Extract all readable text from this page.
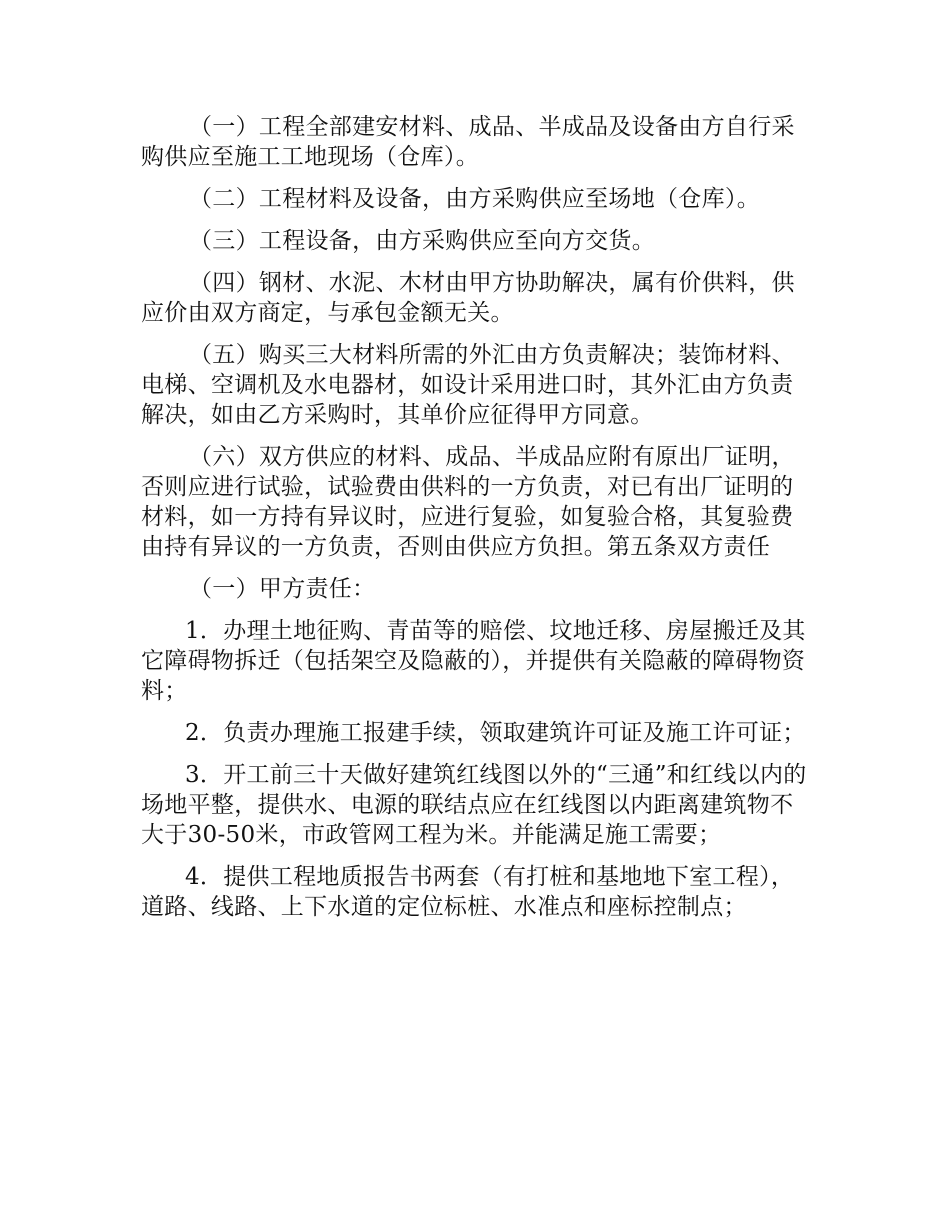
（一）工程全部建安材料、成品、半成品及设备由方自行采购供应至施工工地现场（仓库）。

（二）工程材料及设备，由方采购供应至场地（仓库）。

（三）工程设备，由方采购供应至向方交货。

（四）钢材、水泥、木材由甲方协助解决，属有价供料，供应价由双方商定，与承包金额无关。

（五）购买三大材料所需的外汇由方负责解决；装饰材料、电梯、空调机及水电器材，如设计采用进口时，其外汇由方负责解决，如由乙方采购时，其单价应征得甲方同意。

（六）双方供应的材料、成品、半成品应附有原出厂证明，否则应进行试验，试验费由供料的一方负责，对已有出厂证明的材料，如一方持有异议时，应进行复验，如复验合格，其复验费由持有异议的一方负责，否则由供应方负担。第五条双方责任

（一）甲方责任：

1．办理土地征购、青苗等的赔偿、坟地迁移、房屋搬迁及其它障碍物拆迁（包括架空及隐蔽的），并提供有关隐蔽的障碍物资料；

2．负责办理施工报建手续，领取建筑许可证及施工许可证；

3．开工前三十天做好建筑红线图以外的“三通”和红线以内的场地平整，提供水、电源的联结点应在红线图以内距离建筑物不大于30-50米，市政管网工程为米。并能满足施工需要；

4．提供工程地质报告书两套（有打桩和基地地下室工程），道路、线路、上下水道的定位标桩、水准点和座标控制点；
